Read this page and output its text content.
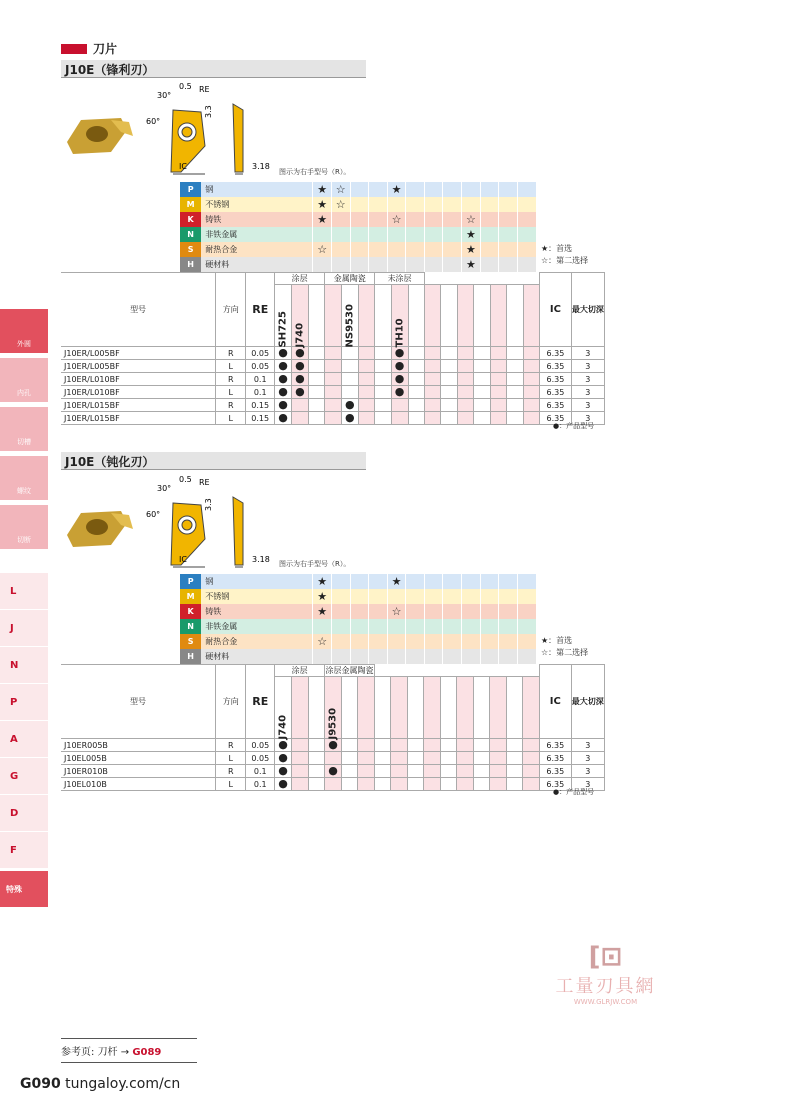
刀片
J10E（锋利刃）
J10E（钝化刃）
30°
60°
0.5 RE
3.3
IC	3.18
30°
60°
0.5 RE
3.3
IC	3.18
图示为右手型号（R）。
图示为右手型号（R）。
P	钢	★	☆			★							
M	不锈钢	★	☆										
K	铸铁	★				☆				☆			
N	非铁金属									★			
S	耐热合金	☆								★			
H	硬材料									★			
P	钢	★				★							
M	不锈钢	★											
K	铸铁	★				☆							
N	非铁金属												
S	耐热合金	☆											
H	硬材料												
★：首选
☆：第二选择
★：首选
☆：第二选择
型号	方向	RE	涂层			金属陶瓷			未涂层										IC	最大切深
			SH725	J740			NS9530			TH10										
J10ER/L005BF	R	0.05	●	●						●									6.35	3
J10ER/L005BF	L	0.05	●	●						●									6.35	3
J10ER/L010BF	R	0.1	●	●						●									6.35	3
J10ER/L010BF	L	0.1	●	●						●									6.35	3
J10ER/L015BF	R	0.15	●				●												6.35	3
J10ER/L015BF	L	0.15	●				●												6.35	3
●：产品型号
型号	方向	RE	涂层			涂层金属陶瓷													IC	最大切深
			J740			J9530														
J10ER005B	R	0.05	●			●													6.35	3
J10EL005B	L	0.05	●																6.35	3
J10ER010B	R	0.1	●			●													6.35	3
J10EL010B	L	0.1	●																6.35	3
●：产品型号
外圆
内孔
切槽
螺纹
切断
L
J
N
P
A
G
D
F
特殊
[⊡
工量刃具網
WWW.GLRJW.COM
参考页: 刀杆 → G089
G090 tungaloy.com/cn
